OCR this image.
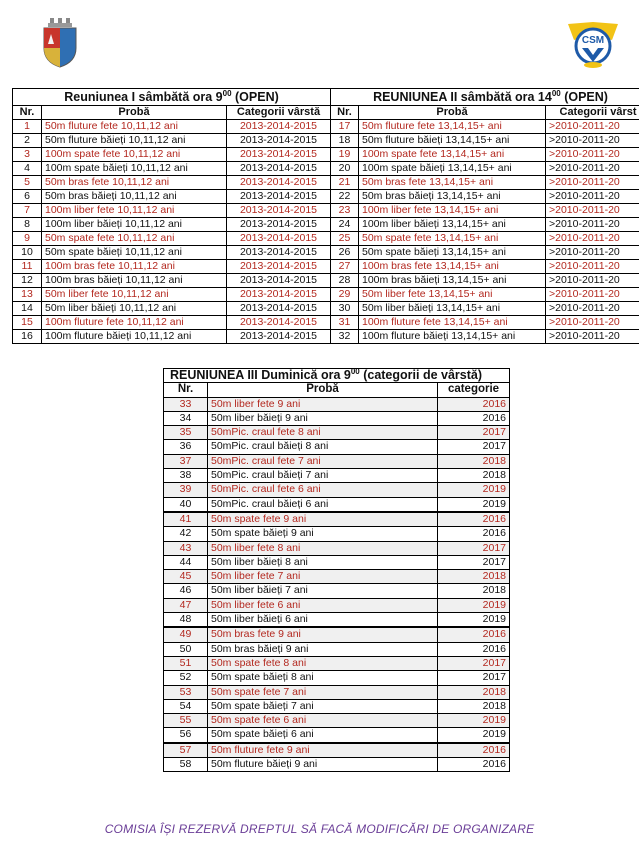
CSM
Reuniunea I sâmbătă ora $9^{00}$ (OPEN)		
Nr.	Probă	Categorii vârstă
1	50m fluture fete 10,11,12 ani	2013-2014-2015
2	50m fluture băieți 10,11,12 ani	2013-2014-2015
3	100m spate fete 10,11,12 ani	2013-2014-2015
4	100m spate băieți 10,11,12 ani	2013-2014-2015
5	50m bras fete 10,11,12 ani	2013-2014-2015
6	50m bras băieți 10,11,12 ani	2013-2014-2015
7	100m liber fete 10,11,12 ani	2013-2014-2015
8	100m liber băieți 10,11,12 ani	2013-2014-2015
9	50m spate fete 10,11,12 ani	2013-2014-2015
10	50m spate băieți 10,11,12 ani	2013-2014-2015
11	100m bras fete 10,11,12 ani	2013-2014-2015
12	100m bras băieți 10,11,12 ani	2013-2014-2015
13	50m liber fete 10,11,12 ani	2013-2014-2015
14	50m liber băieți 10,11,12 ani	2013-2014-2015
15	100m fluture fete 10,11,12 ani	2013-2014-2015
16	100m fluture băieți 10,11,12 ani	2013-2014-2015
REUNIUNEA II sâmbătă ora $14^{00}$ (OPEN)		
Nr.	Probă	Categorii vârst
17	50m fluture fete 13,14,15+ ani	>2010-2011-20
18	50m fluture băieți 13,14,15+ ani	>2010-2011-20
19	100m spate fete 13,14,15+ ani	>2010-2011-20
20	100m spate băieți 13,14,15+ ani	>2010-2011-20
21	50m bras fete 13,14,15+ ani	>2010-2011-20
22	50m bras băieți 13,14,15+ ani	>2010-2011-20
23	100m liber fete 13,14,15+ ani	>2010-2011-20
24	100m liber băieți 13,14,15+ ani	>2010-2011-20
25	50m spate fete 13,14,15+ ani	>2010-2011-20
26	50m spate băieți 13,14,15+ ani	>2010-2011-20
27	100m bras fete 13,14,15+ ani	>2010-2011-20
28	100m bras băieți 13,14,15+ ani	>2010-2011-20
29	50m liber fete 13,14,15+ ani	>2010-2011-20
30	50m liber băieți 13,14,15+ ani	>2010-2011-20
31	100m fluture fete 13,14,15+ ani	>2010-2011-20
32	100m fluture băieți 13,14,15+ ani	>2010-2011-20
REUNIUNEA III Duminică ora $9^{00}$ (categorii de vârstă)		
Nr.	Probă	categorie
33	50m liber fete 9 ani	2016
34	50m liber băieți 9 ani	2016
35	50mPic. craul fete 8 ani	2017
36	50mPic. craul băieți 8 ani	2017
37	50mPic. craul fete 7 ani	2018
38	50mPic. craul băieți 7 ani	2018
39	50mPic. craul fete 6 ani	2019
40	50mPic. craul băieți 6 ani	2019
41	50m spate fete 9 ani	2016
42	50m spate băieți 9 ani	2016
43	50m liber fete 8 ani	2017
44	50m liber băieți 8 ani	2017
45	50m liber fete 7 ani	2018
46	50m liber băieți 7 ani	2018
47	50m liber fete 6 ani	2019
48	50m liber băieți 6 ani	2019
49	50m bras fete 9 ani	2016
50	50m bras băieți 9 ani	2016
51	50m spate fete 8 ani	2017
52	50m spate băieți 8 ani	2017
53	50m spate fete 7 ani	2018
54	50m spate băieți 7 ani	2018
55	50m spate fete 6 ani	2019
56	50m spate băieți 6 ani	2019
57	50m fluture fete 9 ani	2016
58	50m fluture băieți 9 ani	2016
COMISIA ÎȘI REZERVĂ DREPTUL SĂ FACĂ MODIFICĂRI DE ORGANIZARE
